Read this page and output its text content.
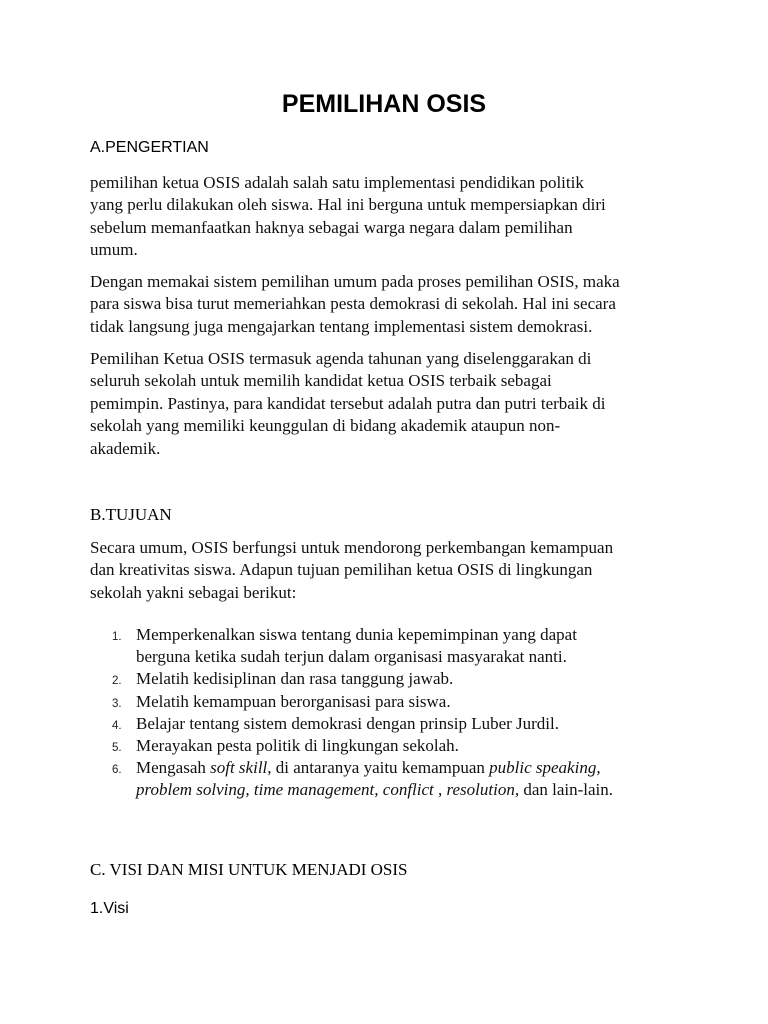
PEMILIHAN OSIS
A.PENGERTIAN

pemilihan ketua OSIS adalah salah satu implementasi pendidikan politik
yang perlu dilakukan oleh siswa. Hal ini berguna untuk mempersiapkan diri
sebelum memanfaatkan haknya sebagai warga negara dalam pemilihan
umum.

Dengan memakai sistem pemilihan umum pada proses pemilihan OSIS, maka
para siswa bisa turut memeriahkan pesta demokrasi di sekolah. Hal ini secara
tidak langsung juga mengajarkan tentang implementasi sistem demokrasi.

Pemilihan Ketua OSIS termasuk agenda tahunan yang diselenggarakan di
seluruh sekolah untuk memilih kandidat ketua OSIS terbaik sebagai
pemimpin. Pastinya, para kandidat tersebut adalah putra dan putri terbaik di
sekolah yang memiliki keunggulan di bidang akademik ataupun non-
akademik.

B.TUJUAN

Secara umum, OSIS berfungsi untuk mendorong perkembangan kemampuan
dan kreativitas siswa. Adapun tujuan pemilihan ketua OSIS di lingkungan
sekolah yakni sebagai berikut:

1. Memperkenalkan siswa tentang dunia kepemimpinan yang dapat
berguna ketika sudah terjun dalam organisasi masyarakat nanti.
2. Melatih kedisiplinan dan rasa tanggung jawab.
3. Melatih kemampuan berorganisasi para siswa.
4. Belajar tentang sistem demokrasi dengan prinsip Luber Jurdil.
5. Merayakan pesta politik di lingkungan sekolah.
6. Mengasah soft skill, di antaranya yaitu kemampuan public speaking,
problem solving, time management, conflict , resolution, dan lain-lain.
C. VISI DAN MISI UNTUK MENJADI OSIS
1.Visi
